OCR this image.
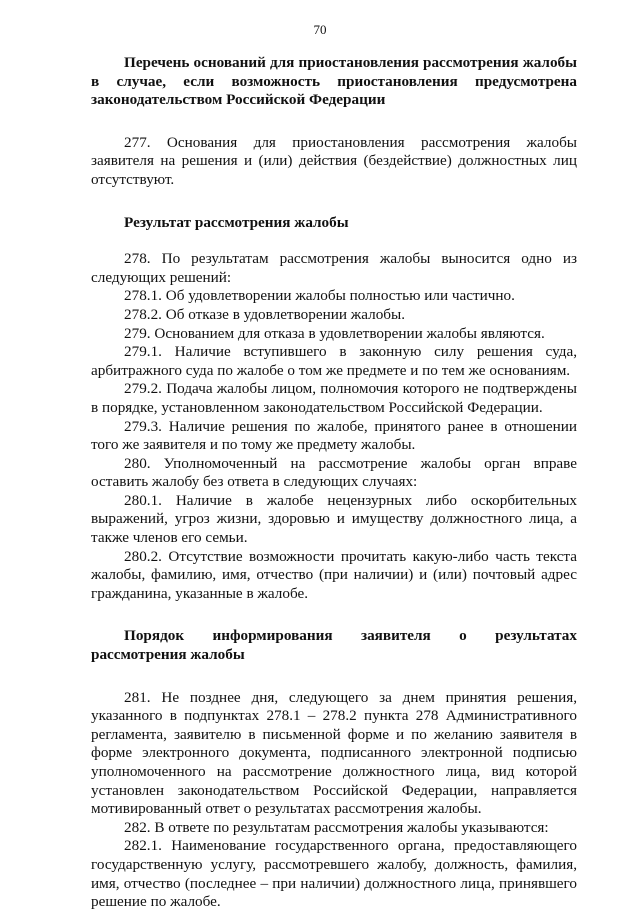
70
Перечень оснований для приостановления рассмотрения жалобы в случае, если возможность приостановления предусмотрена законодательством Российской Федерации

277. Основания для приостановления рассмотрения жалобы заявителя на решения и (или) действия (бездействие) должностных лиц отсутствуют.

Результат рассмотрения жалобы

278. По результатам рассмотрения жалобы выносится одно из следующих решений:

278.1. Об удовлетворении жалобы полностью или частично.

278.2. Об отказе в удовлетворении жалобы.

279. Основанием для отказа в удовлетворении жалобы являются.

279.1. Наличие вступившего в законную силу решения суда, арбитражного суда по жалобе о том же предмете и по тем же основаниям.

279.2. Подача жалобы лицом, полномочия которого не подтверждены в порядке, установленном законодательством Российской Федерации.

279.3. Наличие решения по жалобе, принятого ранее в отношении того же заявителя и по тому же предмету жалобы.

280. Уполномоченный на рассмотрение жалобы орган вправе оставить жалобу без ответа в следующих случаях:

280.1. Наличие в жалобе нецензурных либо оскорбительных выражений, угроз жизни, здоровью и имуществу должностного лица, а также членов его семьи.

280.2. Отсутствие возможности прочитать какую-либо часть текста жалобы, фамилию, имя, отчество (при наличии) и (или) почтовый адрес гражданина, указанные в жалобе.

Порядок информирования заявителя о результатах рассмотрения жалобы

281. Не позднее дня, следующего за днем принятия решения, указанного в подпунктах 278.1 – 278.2 пункта 278 Административного регламента, заявителю в письменной форме и по желанию заявителя в форме электронного документа, подписанного электронной подписью уполномоченного на рассмотрение должностного лица, вид которой установлен законодательством Российской Федерации, направляется мотивированный ответ о результатах рассмотрения жалобы.

282. В ответе по результатам рассмотрения жалобы указываются:

282.1. Наименование государственного органа, предоставляющего государственную услугу, рассмотревшего жалобу, должность, фамилия, имя, отчество (последнее – при наличии) должностного лица, принявшего решение по жалобе.
